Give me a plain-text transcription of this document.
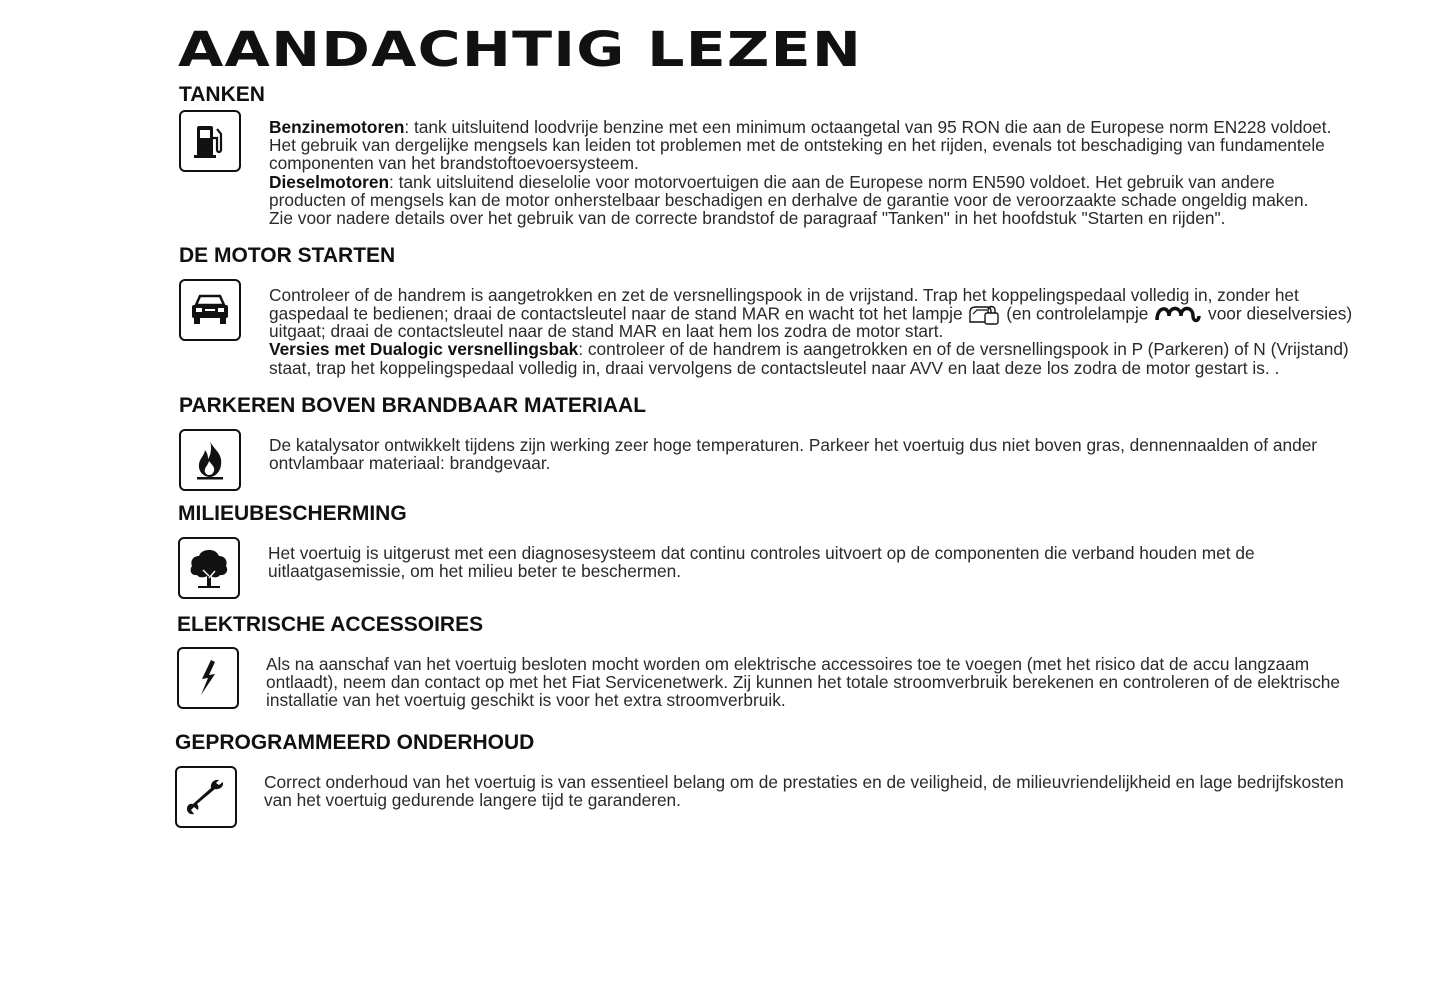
AANDACHTIG LEZEN
TANKEN
Benzinemotoren: tank uitsluitend loodvrije benzine met een minimum octaangetal van 95 RON die aan de Europese norm EN228 voldoet.
Het gebruik van dergelijke mengsels kan leiden tot problemen met de ontsteking en het rijden, evenals tot beschadiging van fundamentele
componenten van het brandstoftoevoersysteem.
Dieselmotoren: tank uitsluitend dieselolie voor motorvoertuigen die aan de Europese norm EN590 voldoet. Het gebruik van andere
producten of mengsels kan de motor onherstelbaar beschadigen en derhalve de garantie voor de veroorzaakte schade ongeldig maken.
Zie voor nadere details over het gebruik van de correcte brandstof de paragraaf "Tanken" in het hoofdstuk "Starten en rijden".
DE MOTOR STARTEN
Controleer of de handrem is aangetrokken en zet de versnellingspook in de vrijstand. Trap het koppelingspedaal volledig in, zonder het
gaspedaal te bedienen; draai de contactsleutel naar de stand MAR en wacht tot het lampje	(en controlelampje	voor dieselversies)
uitgaat; draai de contactsleutel naar de stand MAR en laat hem los zodra de motor start.
Versies met Dualogic versnellingsbak: controleer of de handrem is aangetrokken en of de versnellingspook in P (Parkeren) of N (Vrijstand)
staat, trap het koppelingspedaal volledig in, draai vervolgens de contactsleutel naar AVV en laat deze los zodra de motor gestart is. .
PARKEREN BOVEN BRANDBAAR MATERIAAL
De katalysator ontwikkelt tijdens zijn werking zeer hoge temperaturen. Parkeer het voertuig dus niet boven gras, dennennaalden of ander
ontvlambaar materiaal: brandgevaar.
MILIEUBESCHERMING
Het voertuig is uitgerust met een diagnosesysteem dat continu controles uitvoert op de componenten die verband houden met de
uitlaatgasemissie, om het milieu beter te beschermen.
ELEKTRISCHE ACCESSOIRES
Als na aanschaf van het voertuig besloten mocht worden om elektrische accessoires toe te voegen (met het risico dat de accu langzaam
ontlaadt), neem dan contact op met het Fiat Servicenetwerk. Zij kunnen het totale stroomverbruik berekenen en controleren of de elektrische
installatie van het voertuig geschikt is voor het extra stroomverbruik.
GEPROGRAMMEERD ONDERHOUD
Correct onderhoud van het voertuig is van essentieel belang om de prestaties en de veiligheid, de milieuvriendelijkheid en lage bedrijfskosten
van het voertuig gedurende langere tijd te garanderen.
